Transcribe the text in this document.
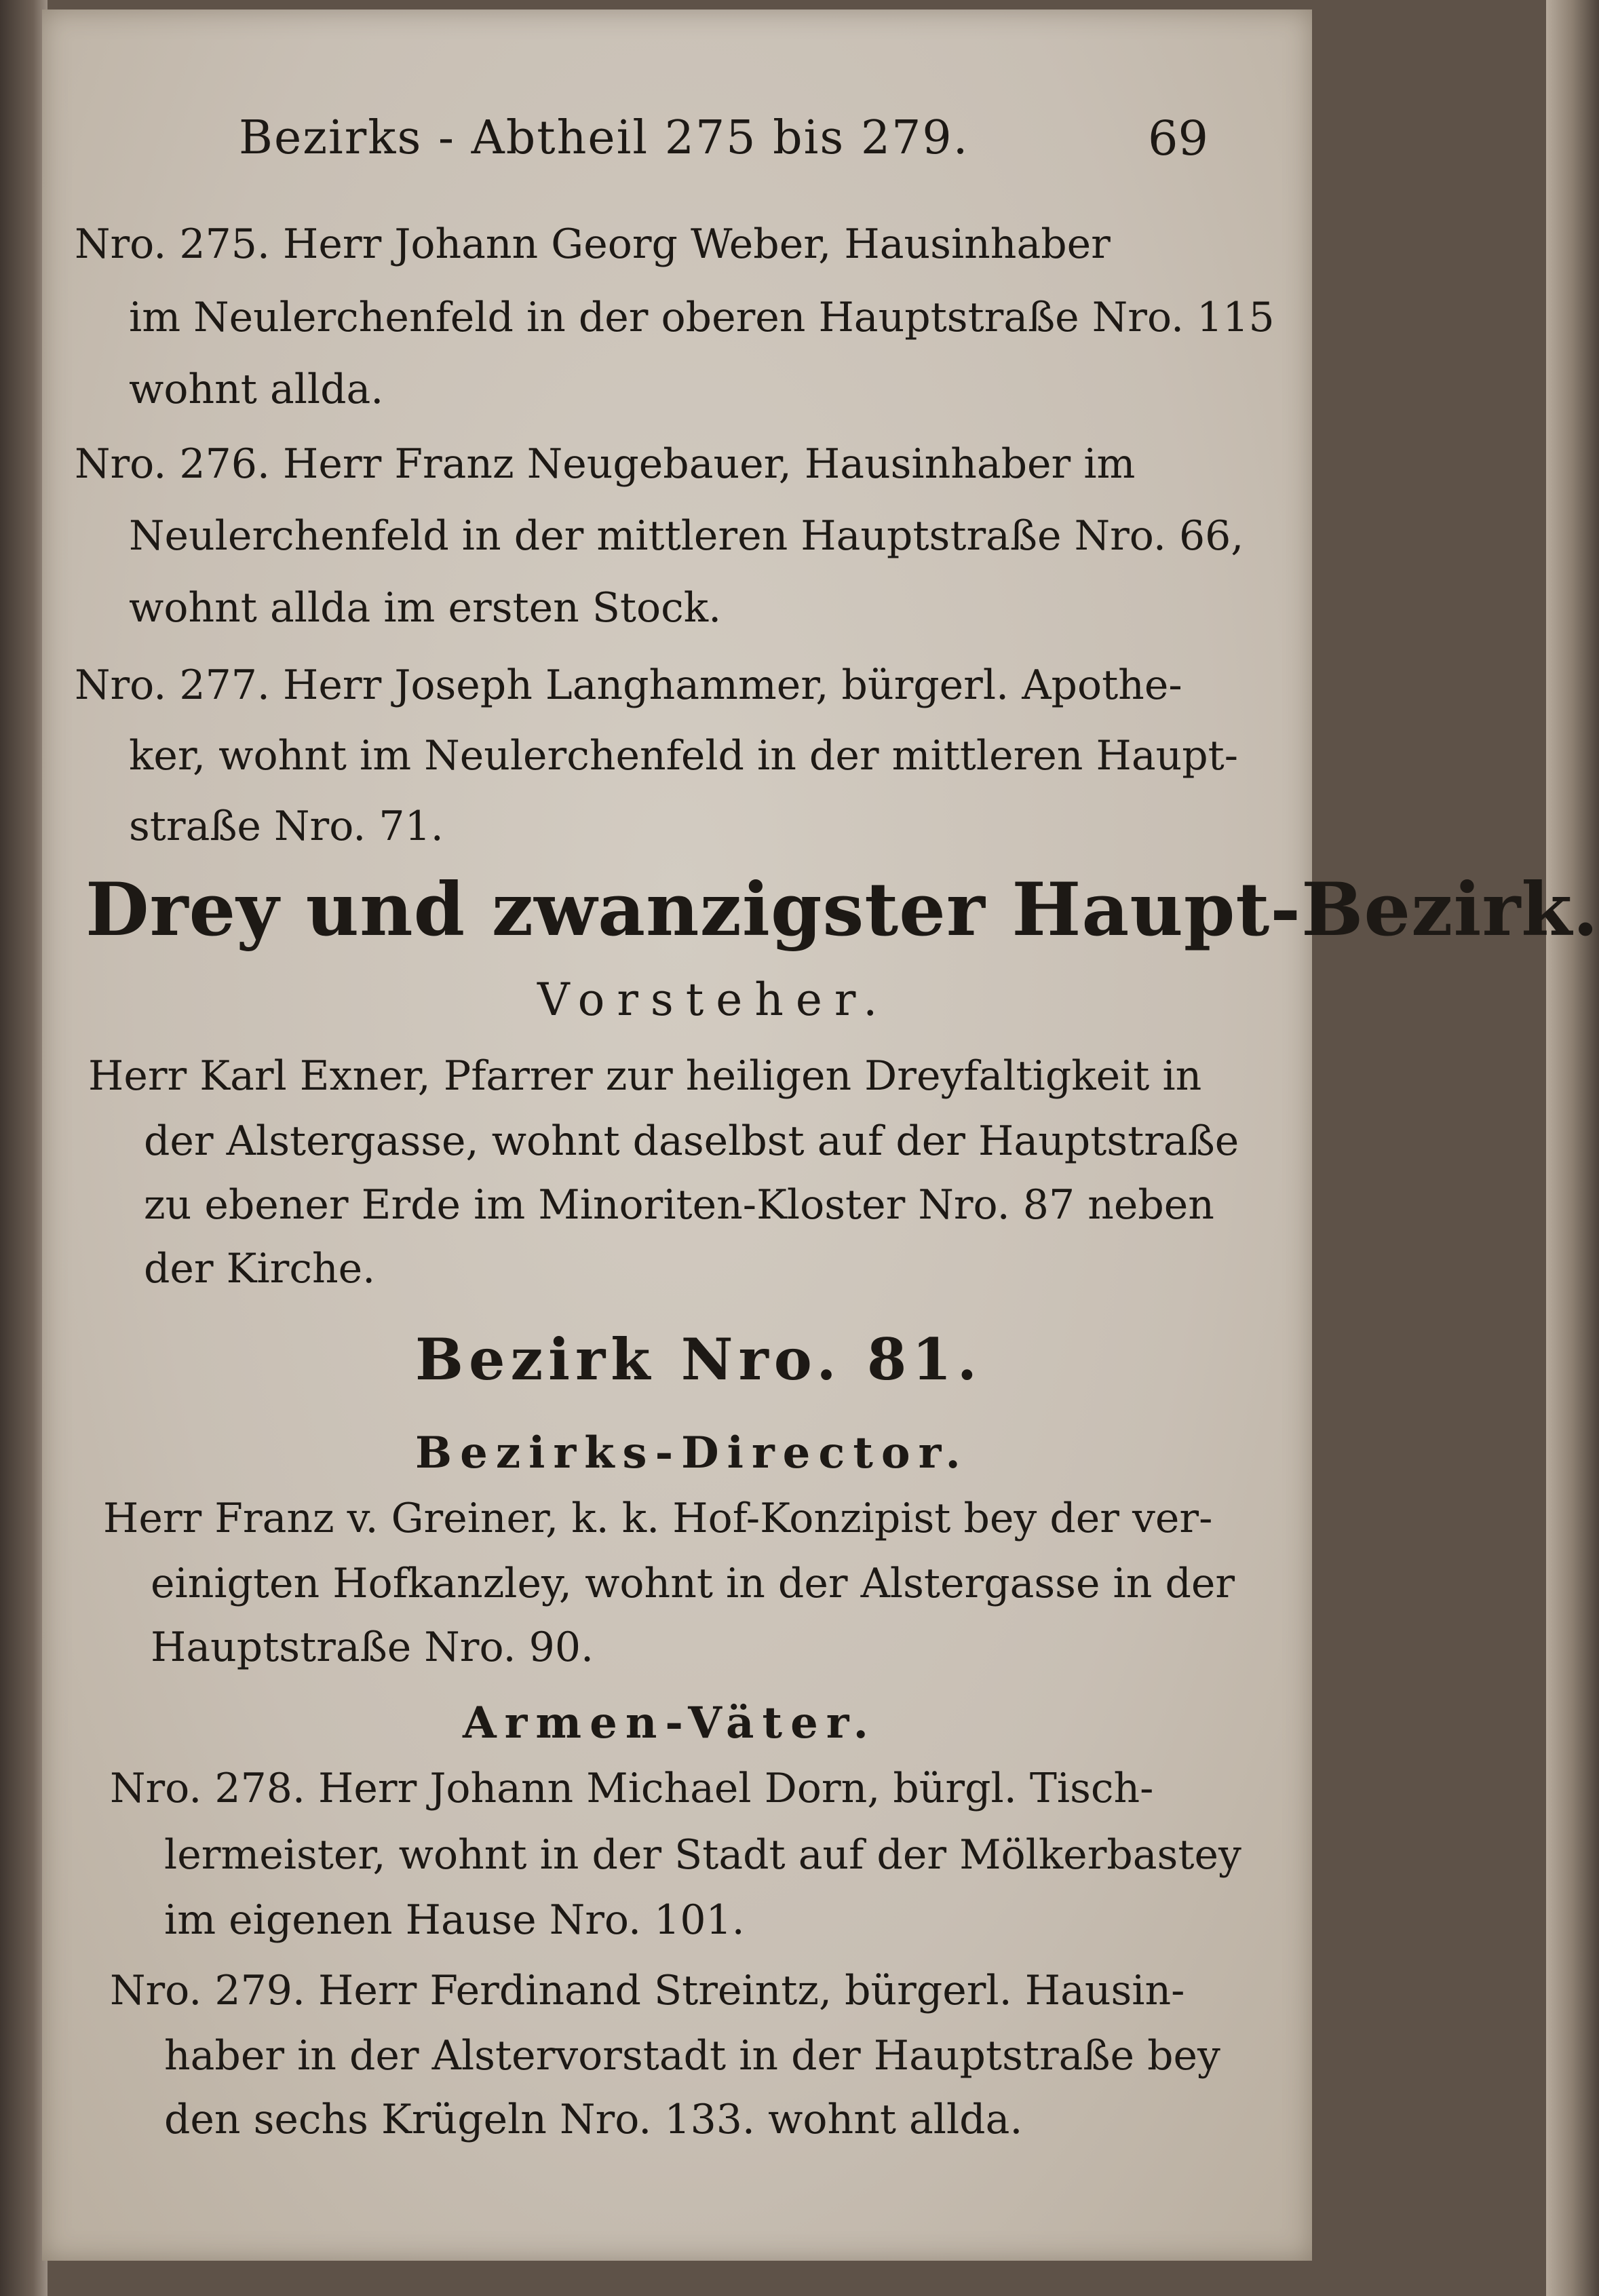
Bezirks - Abtheil 275 bis 279.	69
Nro. 275. Herr Johann Georg Weber, Hausinhaber
im Neulerchenfeld in der oberen Hauptstraße Nro. 115
wohnt allda.
Nro. 276. Herr Franz Neugebauer, Hausinhaber im
Neulerchenfeld in der mittleren Hauptstraße Nro. 66,
wohnt allda im ersten Stock.
Nro. 277. Herr Joseph Langhammer, bürgerl. Apothe-
ker, wohnt im Neulerchenfeld in der mittleren Haupt-
straße Nro. 71.
Drey und zwanzigster Haupt-Bezirk.
Vorsteher.
Herr Karl Exner, Pfarrer zur heiligen Dreyfaltigkeit in
der Alstergasse, wohnt daselbst auf der Hauptstraße
zu ebener Erde im Minoriten-Kloster Nro. 87 neben
der Kirche.
Bezirk Nro. 81.
Bezirks-Director.
Herr Franz v. Greiner, k. k. Hof-Konzipist bey der ver-
einigten Hofkanzley, wohnt in der Alstergasse in der
Hauptstraße Nro. 90.
Armen-Väter.
Nro. 278. Herr Johann Michael Dorn, bürgl. Tisch-
lermeister, wohnt in der Stadt auf der Mölkerbastey
im eigenen Hause Nro. 101.
Nro. 279. Herr Ferdinand Streintz, bürgerl. Hausin-
haber in der Alstervorstadt in der Hauptstraße bey
den sechs Krügeln Nro. 133. wohnt allda.
